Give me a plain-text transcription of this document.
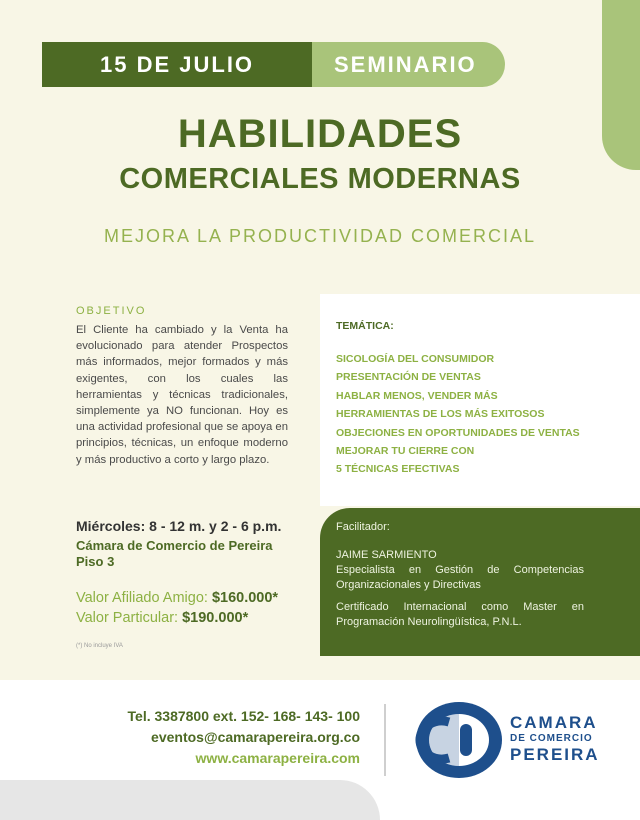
15 DE JULIO	SEMINARIO
HABILIDADES
COMERCIALES MODERNAS
MEJORA LA PRODUCTIVIDAD COMERCIAL
OBJETIVO
El Cliente ha cambiado y la Venta ha evolucionado para atender Prospectos más informados, mejor formados y más exigentes, con los cuales las herramientas y técnicas tradicionales, simplemente ya NO funcionan. Hoy es una actividad profesional que se apoya en principios, técnicas, un enfoque moderno y más productivo a corto y largo plazo.
TEMÁTICA:
SICOLOGÍA DEL CONSUMIDOR
PRESENTACIÓN DE VENTAS
HABLAR MENOS, VENDER MÁS
HERRAMIENTAS DE LOS MÁS EXITOSOS
OBJECIONES EN OPORTUNIDADES DE VENTAS
MEJORAR TU CIERRE CON
5 TÉCNICAS EFECTIVAS
Miércoles: 8 - 12 m. y 2 - 6 p.m.
Cámara de Comercio de Pereira
Piso 3
Valor Afiliado Amigo: $160.000*
Valor Particular: $190.000*
(*) No incluye IVA
Facilitador:
JAIME SARMIENTO
Especialista en Gestión de Competencias Organizacionales y Directivas
Certificado Internacional como Master en Programación Neurolingüística, P.N.L.
Tel. 3387800 ext. 152- 168- 143- 100
eventos@camarapereira.org.co
www.camarapereira.com
CAMARA
DE COMERCIO
PEREIRA
